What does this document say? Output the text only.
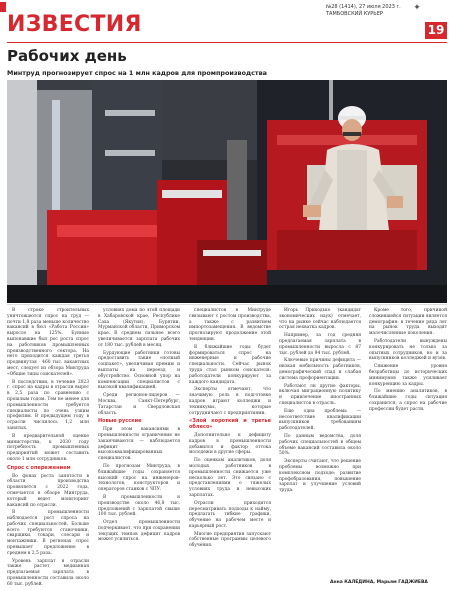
ИЗВЕСТИЯ
№28 (1414), 27 июля 2023 г.
ТАМБОВСКИЙ КУРЬЕР
✦
19
Рабочих день
Минтруд прогнозирует спрос на 1 млн кадров для промпроизводства

В строке строительных уничтожаются спрос на труд — почти 1,8 раза меньше количество вакансий в бюл «Работа России» выросло на 125%. Бунные выпонавшие был рос роста спрос на работников промышленных производственного сектора. На него приходится каждая третья продвинутая · 460 тыс. вакантных мест, следует из обзора Минтруда «Общие типы соискателей».

В последствии, в течение 2023 г. спрос на кадры в отрасли вырос в 2,5 раза по сравнению с прошлым годом. Тем не менее для промышленности требуется специалисты по очень узким профилям. В предыдущем году в отрасли числилось 1,2 млн занятых.

В предварительной оценке министерства, к 2030 году потребность промышленных предприятий может составить около 1 млн сотрудников.

Спрос с опережением

Во фонах роста занятости в области производства проявляется с 2022 года, отмечается в обзоре Минтруда, который ведет мониторинг вакансий по отрасли.

В промышленности наблюдается рост спроса на рабочих специальностей. Больше всего требуются станочники, сварщики, токари, слесари и монтажники. В регионах спрос превышает предложение в среднем в 2,5 раза.

Уровень зарплат в отрасли также растет, медианная предлагаемая зарплата в промышленности составила около 60 тыс. рублей.

условиях дома по этой площади в Хабаровской крае, Республике Саха (Якутия), Бурятии, Мурманской области, Приморском крае. В среднем сильнее всего увеличивается зарплата рабочих от 180 тыс. рублей в месяц.

Бурдующие работники готовы предоставить такие «полный соцпакет», увеличивая премию и выплаты на переезд и обустройство. Основной упор на компенсации специалистов с высокой квалификацией.

Среди регионов-лидеров — Москва, Санкт-Петербург, Татарстан и Свердловская область.

Новые русские

При этом вакансиями в промышленности ограничения не заканчиваются — наблюдается дефицит высококвалифицированных специалистов.

По прогнозам Минтруда, в ближайшие годы сохраняется высокий спрос на инженеров-технологов, конструкторов и операторов станков с ЧПУ.

В промышленности и производстве около 46,8 тыс. предложений с зарплатой свыше 100 тыс. рублей.

Отдел промышленности подчеркивает, что при сохранении текущих темпов дефицит кадров может усилиться.

специалистов в Минтруде связывают с ростом производства, а также с развитием импортозамещения. В ведомстве прогнозируют продолжение этой тенденции.

В ближайшие годы будет формироваться спрос на инженерные и рабочие специальности. Сейчас рынок труда стал рынком соискателя: работодатели конкурируют за каждого кандидата.

Эксперты отмечают, что значимую роль в подготовке кадров играют колледжи и техникумы, которые сотрудничают с предприятиями.

«Злой короткий и третье облесо»

Дополнительно к дефициту кадров в промышленности добавился и фактор оттока молодежи в другие сферы.

По оценкам аналитиков, доля молодых работников в промышленности снижается уже несколько лет. Это связано с представлениями о тяжелых условиях труда и невысоких зарплатах.

Отрасли приходится пересматривать подходы к найму, предлагать гибкие графики, обучение на рабочем месте и карьерный рост.

Многие предприятия запускают собственные программы целевого обучения.

Игорь Приходько (кандидат экономических наук) отмечает, что на рынке сейчас наблюдается острая нехватка кадров.

Например, за год средняя предлагаемая зарплата в промышленности выросла с 87 тыс. рублей до 94 тыс. рублей.

Ключевые причины дефицита — низкая мобильность работников, демографический спад и слабая система профориентации.

Работают ли другие факторы, включая миграционную политику и привлечение иностранных специалистов в отрасль.

Еще одна проблема — несоответствие квалификации выпускников требованиям работодателей.

По данным ведомства, доля рабочих специальностей в общем объеме вакансий составила около 50%.

Эксперты считают, что решение проблемы возможно при комплексном подходе: развитие профобразования, повышение зарплат и улучшение условий труда.

Кроме того, причиной сложившейся ситуации является демография: в течение ряда лет на рынок труда выходят малочисленные поколения.

Работодатели вынуждены конкурировать не только за опытных сотрудников, но и за выпускников колледжей и вузов.

Снижение уровня безработицы до исторических минимумов также усиливает конкуренцию за кадры.

По мнению аналитиков, в ближайшие годы ситуация сохранится, а спрос на рабочие профессии будет расти.

Анна КАЛЕДИНА, Марьям ГАДЖИЕВА
